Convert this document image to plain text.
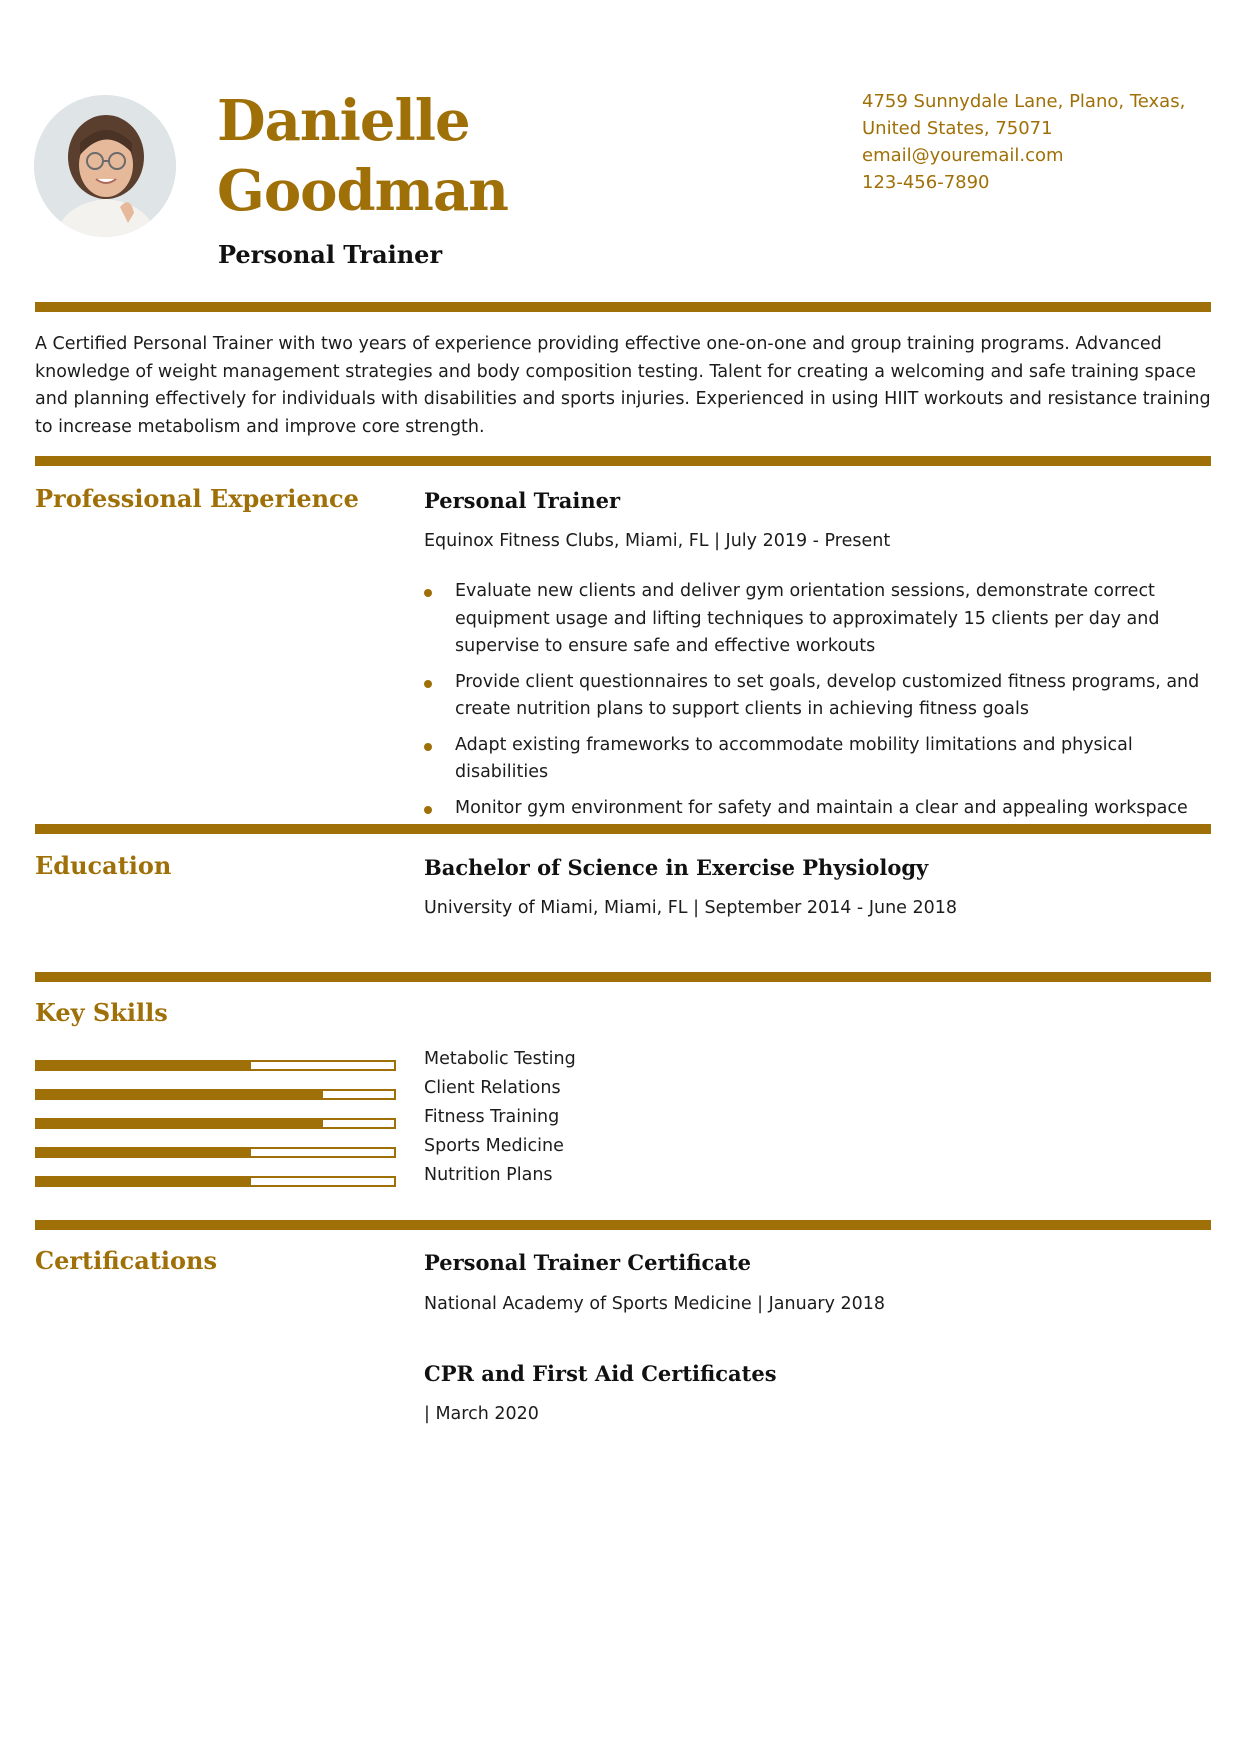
Danielle
Goodman
Personal Trainer
4759 Sunnydale Lane, Plano, Texas,
United States, 75071
email@youremail.com
123-456-7890

A Certified Personal Trainer with two years of experience providing effective one-on-one and group training programs. Advanced knowledge of weight management strategies and body composition testing. Talent for creating a welcoming and safe training space and planning effectively for individuals with disabilities and sports injuries. Experienced in using HIIT workouts and resistance training to increase metabolism and improve core strength.

Professional Experience	Personal Trainer
Equinox Fitness Clubs, Miami, FL | July 2019 - Present
Evaluate new clients and deliver gym orientation sessions, demonstrate correct equipment usage and lifting techniques to approximately 15 clients per day and supervise to ensure safe and effective workouts
Provide client questionnaires to set goals, develop customized fitness programs, and create nutrition plans to support clients in achieving fitness goals
Adapt existing frameworks to accommodate mobility limitations and physical disabilities
Monitor gym environment for safety and maintain a clear and appealing workspace
Education	Bachelor of Science in Exercise Physiology
University of Miami, Miami, FL | September 2014 - June 2018
Key Skills
Metabolic Testing
Client Relations
Fitness Training
Sports Medicine
Nutrition Plans
Certifications	Personal Trainer Certificate
National Academy of Sports Medicine | January 2018
CPR and First Aid Certificates
| March 2020
